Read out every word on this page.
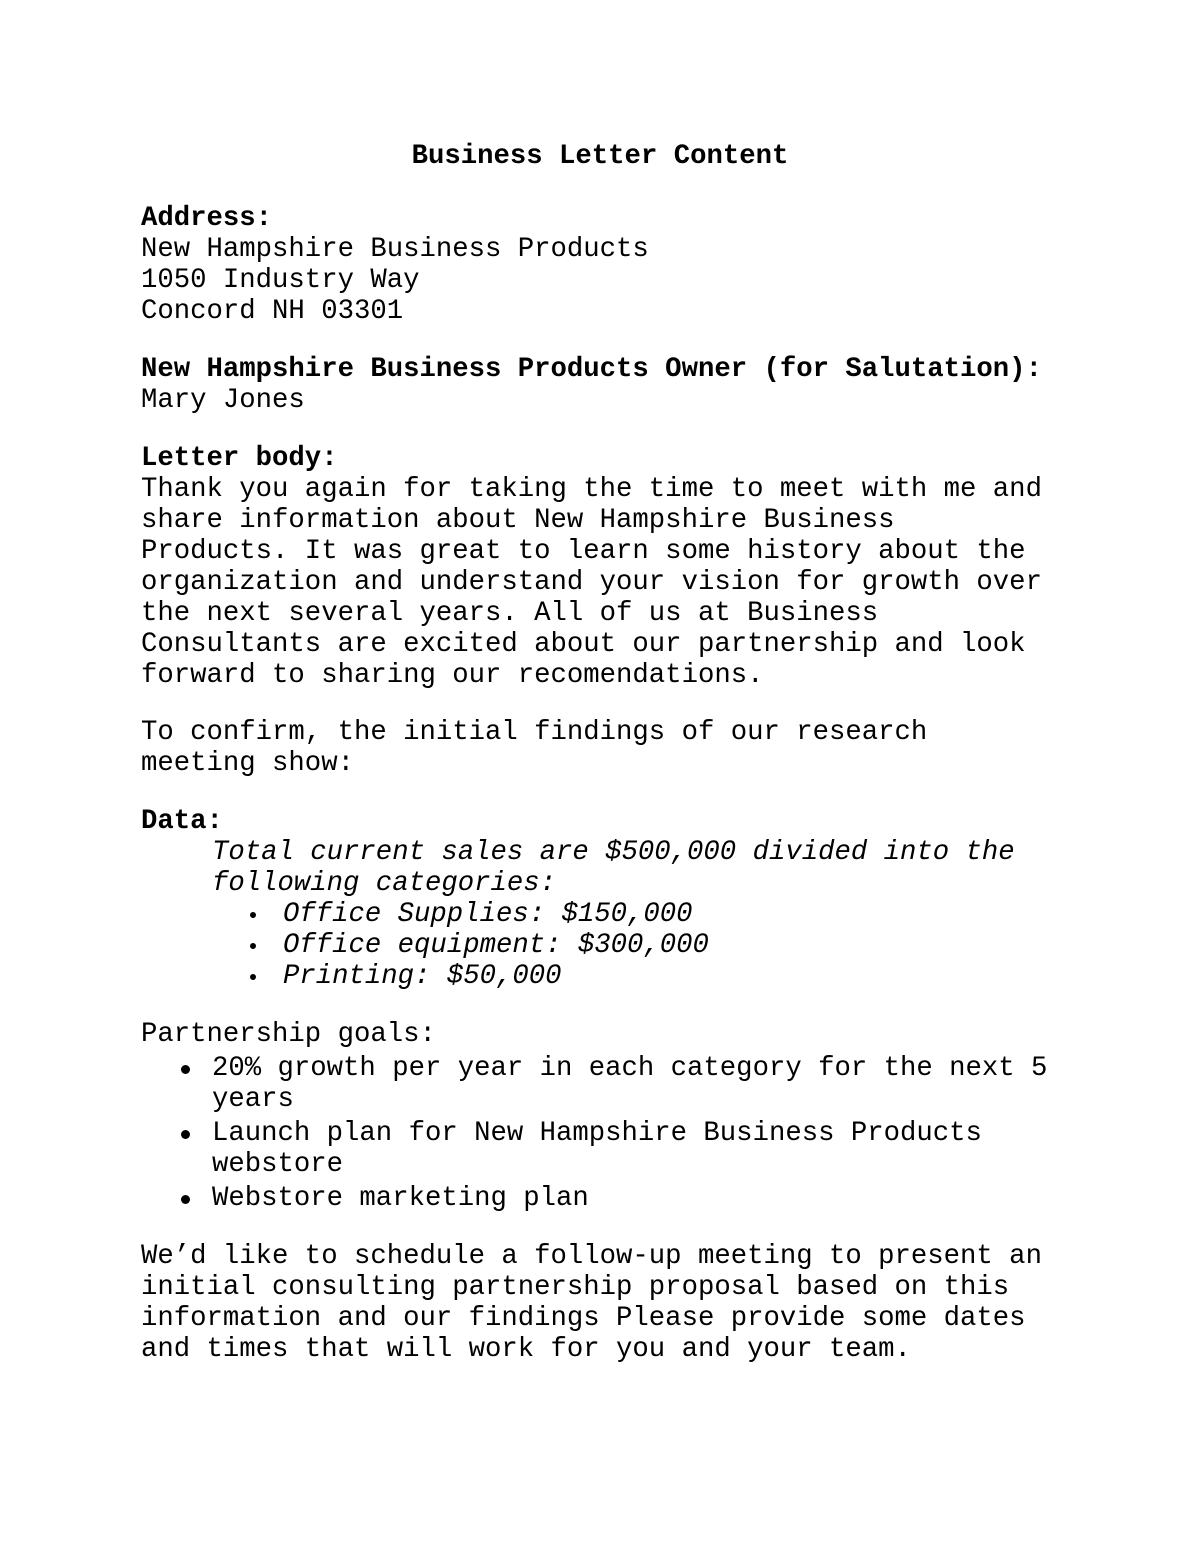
Business Letter Content
Address:
New Hampshire Business Products
1050 Industry Way
Concord NH 03301
New Hampshire Business Products Owner (for Salutation):
Mary Jones
Letter body:
Thank you again for taking the time to meet with me and
share information about New Hampshire Business
Products. It was great to learn some history about the
organization and understand your vision for growth over
the next several years. All of us at Business
Consultants are excited about our partnership and look
forward to sharing our recomendations.
To confirm, the initial findings of our research
meeting show:
Data:
Total current sales are $500,000 divided into the
following categories:

Office Supplies: $150,000

Office equipment: $300,000

Printing: $50,000

Partnership goals:
20% growth per year in each category for the next 5
years
Launch plan for New Hampshire Business Products
webstore
Webstore marketing plan
We’d like to schedule a follow-up meeting to present an
initial consulting partnership proposal based on this
information and our findings Please provide some dates
and times that will work for you and your team.
